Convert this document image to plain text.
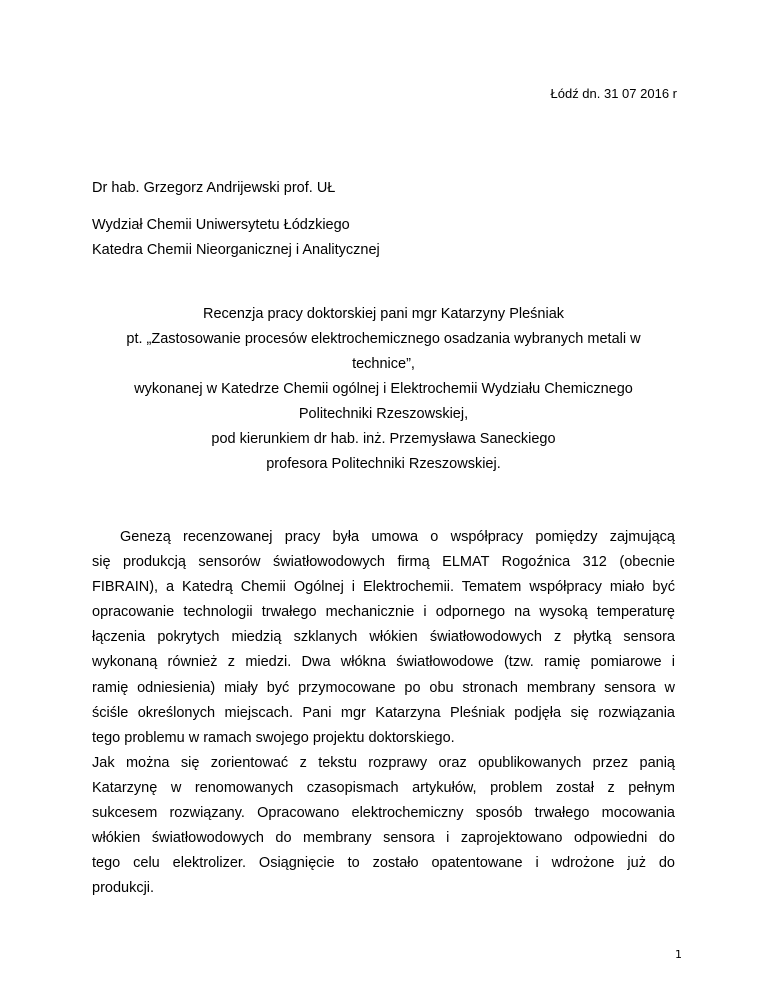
Łódź dn. 31 07 2016 r
Dr hab. Grzegorz Andrijewski prof. UŁ
Wydział Chemii Uniwersytetu Łódzkiego
Katedra Chemii Nieorganicznej i Analitycznej
Recenzja pracy doktorskiej pani mgr Katarzyny Pleśniak
pt. „Zastosowanie procesów elektrochemicznego osadzania wybranych metali w
technice”,
wykonanej w Katedrze Chemii ogólnej i Elektrochemii Wydziału Chemicznego
Politechniki Rzeszowskiej,
pod kierunkiem dr hab. inż. Przemysława Saneckiego
profesora Politechniki Rzeszowskiej.
Genezą recenzowanej pracy była umowa o współpracy pomiędzy zajmującą
się produkcją sensorów światłowodowych firmą ELMAT Rogoźnica 312 (obecnie
FIBRAIN), a Katedrą Chemii Ogólnej i Elektrochemii. Tematem współpracy miało być
opracowanie technologii trwałego mechanicznie i odpornego na wysoką temperaturę
łączenia pokrytych miedzią szklanych włókien światłowodowych z płytką sensora
wykonaną również z miedzi. Dwa włókna światłowodowe (tzw. ramię pomiarowe i
ramię odniesienia) miały być przymocowane po obu stronach membrany sensora w
ściśle określonych miejscach. Pani mgr Katarzyna Pleśniak podjęła się rozwiązania
tego problemu w ramach swojego projektu doktorskiego.
Jak można się zorientować z tekstu rozprawy oraz opublikowanych przez panią
Katarzynę w renomowanych czasopismach artykułów, problem został z pełnym
sukcesem rozwiązany. Opracowano elektrochemiczny sposób trwałego mocowania
włókien światłowodowych do membrany sensora i zaprojektowano odpowiedni do
tego celu elektrolizer. Osiągnięcie to zostało opatentowane i wdrożone już do
produkcji.
1
